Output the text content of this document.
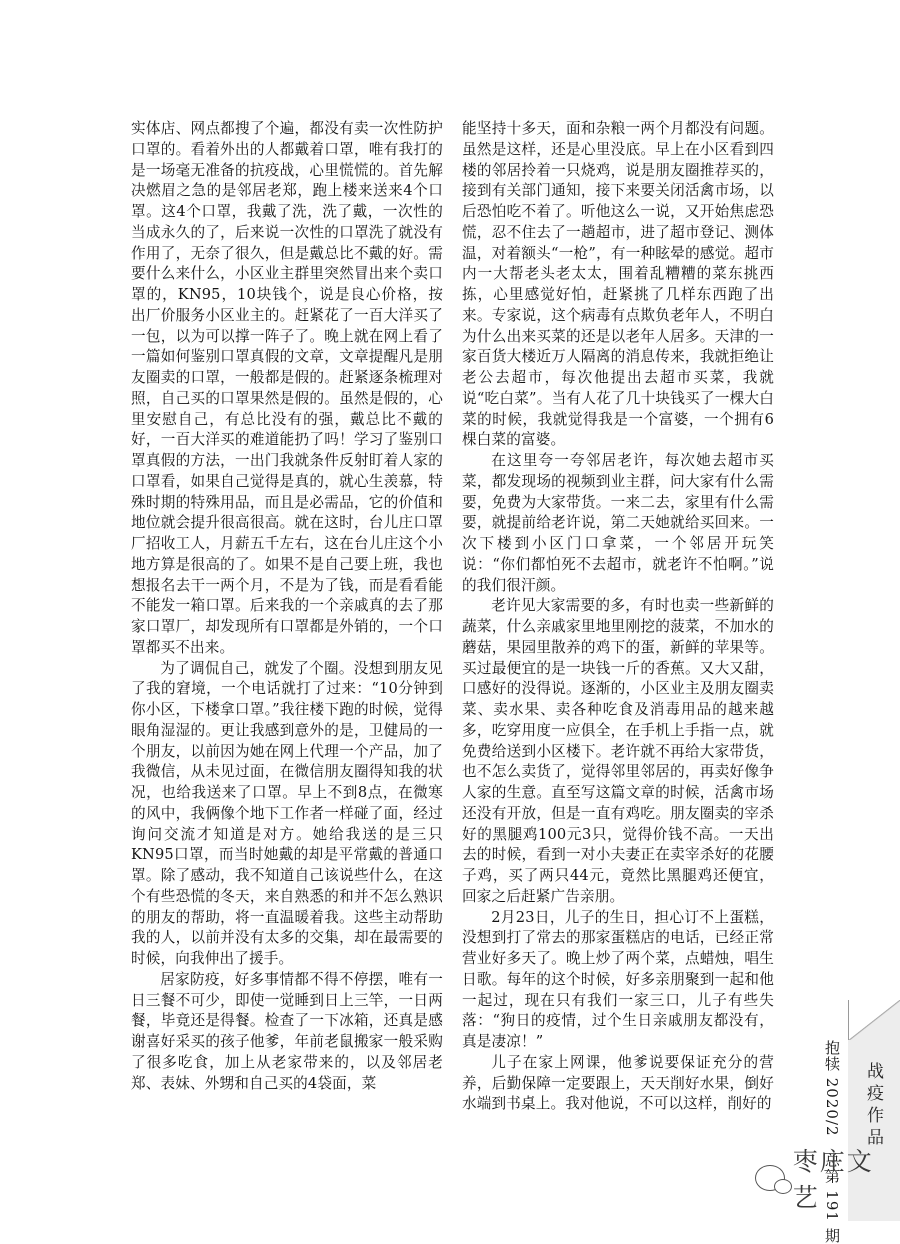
实体店、网点都搜了个遍，都没有卖一次性防护口罩的。看着外出的人都戴着口罩，唯有我打的是一场毫无准备的抗疫战，心里慌慌的。首先解决燃眉之急的是邻居老郑，跑上楼来送来4个口罩。这4个口罩，我戴了洗，洗了戴，一次性的当成永久的了，后来说一次性的口罩洗了就没有作用了，无奈了很久，但是戴总比不戴的好。需要什么来什么，小区业主群里突然冒出来个卖口罩的，KN95，10块钱个，说是良心价格，按出厂价服务小区业主的。赶紧花了一百大洋买了一包，以为可以撑一阵子了。晚上就在网上看了一篇如何鉴别口罩真假的文章，文章提醒凡是朋友圈卖的口罩，一般都是假的。赶紧逐条梳理对照，自己买的口罩果然是假的。虽然是假的，心里安慰自己，有总比没有的强，戴总比不戴的好，一百大洋买的难道能扔了吗！学习了鉴别口罩真假的方法，一出门我就条件反射盯着人家的口罩看，如果自己觉得是真的，就心生羡慕，特殊时期的特殊用品，而且是必需品，它的价值和地位就会提升很高很高。就在这时，台儿庄口罩厂招收工人，月薪五千左右，这在台儿庄这个小地方算是很高的了。如果不是自己要上班，我也想报名去干一两个月，不是为了钱，而是看看能不能发一箱口罩。后来我的一个亲戚真的去了那家口罩厂，却发现所有口罩都是外销的，一个口罩都买不出来。

为了调侃自己，就发了个圈。没想到朋友见了我的窘境，一个电话就打了过来：“10分钟到你小区，下楼拿口罩。”我往楼下跑的时候，觉得眼角湿湿的。更让我感到意外的是，卫健局的一个朋友，以前因为她在网上代理一个产品，加了我微信，从未见过面，在微信朋友圈得知我的状况，也给我送来了口罩。早上不到8点，在微寒的风中，我俩像个地下工作者一样碰了面，经过询问交流才知道是对方。她给我送的是三只KN95口罩，而当时她戴的却是平常戴的普通口罩。除了感动，我不知道自己该说些什么，在这个有些恐慌的冬天，来自熟悉的和并不怎么熟识的朋友的帮助，将一直温暖着我。这些主动帮助我的人，以前并没有太多的交集，却在最需要的时候，向我伸出了援手。

居家防疫，好多事情都不得不停摆，唯有一日三餐不可少，即使一觉睡到日上三竿，一日两餐，毕竟还是得餐。检查了一下冰箱，还真是感谢喜好采买的孩子他爹，年前老鼠搬家一般采购了很多吃食，加上从老家带来的，以及邻居老郑、表妹、外甥和自己买的4袋面，菜

能坚持十多天，面和杂粮一两个月都没有问题。虽然是这样，还是心里没底。早上在小区看到四楼的邻居拎着一只烧鸡，说是朋友圈推荐买的，接到有关部门通知，接下来要关闭活禽市场，以后恐怕吃不着了。听他这么一说，又开始焦虑恐慌，忍不住去了一趟超市，进了超市登记、测体温，对着额头“一枪”，有一种眩晕的感觉。超市内一大帮老头老太太，围着乱糟糟的菜东挑西拣，心里感觉好怕，赶紧挑了几样东西跑了出来。专家说，这个病毒有点欺负老年人，不明白为什么出来买菜的还是以老年人居多。天津的一家百货大楼近万人隔离的消息传来，我就拒绝让老公去超市，每次他提出去超市买菜，我就说“吃白菜”。当有人花了几十块钱买了一棵大白菜的时候，我就觉得我是一个富婆，一个拥有6棵白菜的富婆。

在这里夸一夸邻居老许，每次她去超市买菜，都发现场的视频到业主群，问大家有什么需要，免费为大家带货。一来二去，家里有什么需要，就提前给老许说，第二天她就给买回来。一次下楼到小区门口拿菜，一个邻居开玩笑说：“你们都怕死不去超市，就老许不怕啊。”说的我们很汗颜。

老许见大家需要的多，有时也卖一些新鲜的蔬菜，什么亲戚家里地里刚挖的菠菜，不加水的蘑菇，果园里散养的鸡下的蛋，新鲜的苹果等。买过最便宜的是一块钱一斤的香蕉。又大又甜，口感好的没得说。逐渐的，小区业主及朋友圈卖菜、卖水果、卖各种吃食及消毒用品的越来越多，吃穿用度一应俱全，在手机上手指一点，就免费给送到小区楼下。老许就不再给大家带货，也不怎么卖货了，觉得邻里邻居的，再卖好像争人家的生意。直至写这篇文章的时候，活禽市场还没有开放，但是一直有鸡吃。朋友圈卖的宰杀好的黑腿鸡100元3只，觉得价钱不高。一天出去的时候，看到一对小夫妻正在卖宰杀好的花腰子鸡，买了两只44元，竟然比黑腿鸡还便宜，回家之后赶紧广告亲朋。

2月23日，儿子的生日，担心订不上蛋糕，没想到打了常去的那家蛋糕店的电话，已经正常营业好多天了。晚上炒了两个菜，点蜡烛，唱生日歌。每年的这个时候，好多亲朋聚到一起和他一起过，现在只有我们一家三口，儿子有些失落：“狗日的疫情，过个生日亲戚朋友都没有，真是凄凉！”

儿子在家上网课，他爹说要保证充分的营养，后勤保障一定要跟上，天天削好水果，倒好水端到书桌上。我对他说，不可以这样，削好的	战疫作品
抱犊 2020/2　总第 191 期
枣庄文艺
